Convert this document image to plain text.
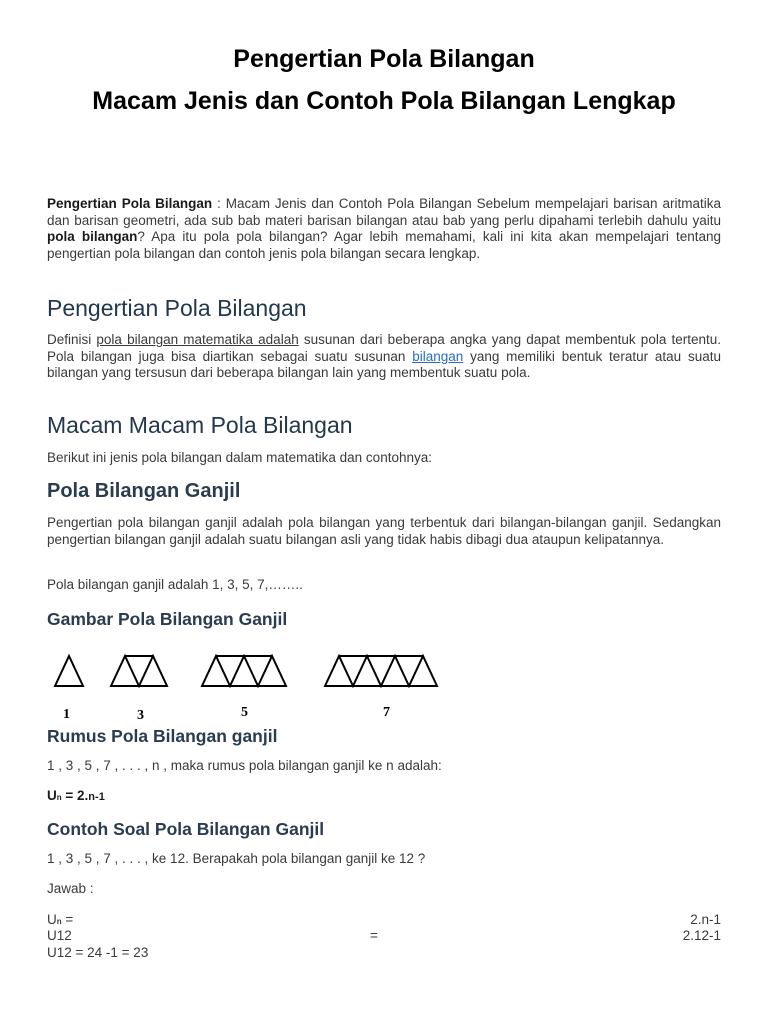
Pengertian Pola Bilangan
Macam Jenis dan Contoh Pola Bilangan Lengkap

Pengertian Pola Bilangan : Macam Jenis dan Contoh Pola Bilangan Sebelum mempelajari barisan aritmatika dan barisan geometri, ada sub bab materi barisan bilangan atau bab yang perlu dipahami terlebih dahulu yaitu pola bilangan? Apa itu pola pola bilangan? Agar lebih memahami, kali ini kita akan mempelajari tentang pengertian pola bilangan dan contoh jenis pola bilangan secara lengkap.

Pengertian Pola Bilangan

Definisi pola bilangan matematika adalah susunan dari beberapa angka yang dapat membentuk pola tertentu. Pola bilangan juga bisa diartikan sebagai suatu susunan bilangan yang memiliki bentuk teratur atau suatu bilangan yang tersusun dari beberapa bilangan lain yang membentuk suatu pola.

Macam Macam Pola Bilangan

Berikut ini jenis pola bilangan dalam matematika dan contohnya:

Pola Bilangan Ganjil

Pengertian pola bilangan ganjil adalah pola bilangan yang terbentuk dari bilangan-bilangan ganjil. Sedangkan pengertian bilangan ganjil adalah suatu bilangan asli yang tidak habis dibagi dua ataupun kelipatannya.

Pola bilangan ganjil adalah 1, 3, 5, 7,……..

Gambar Pola Bilangan Ganjil
1	3	5	7
Rumus Pola Bilangan ganjil

1 , 3 , 5 , 7 , . . . , n , maka rumus pola bilangan ganjil ke n adalah:

Un = 2.n-1
Contoh Soal Pola Bilangan Ganjil

1 , 3 , 5 , 7 , . . . , ke 12. Berapakah pola bilangan ganjil ke 12 ?

Jawab :

Un =	2.n-1
U12	=	2.12-1
U12 = 24 -1 = 23
